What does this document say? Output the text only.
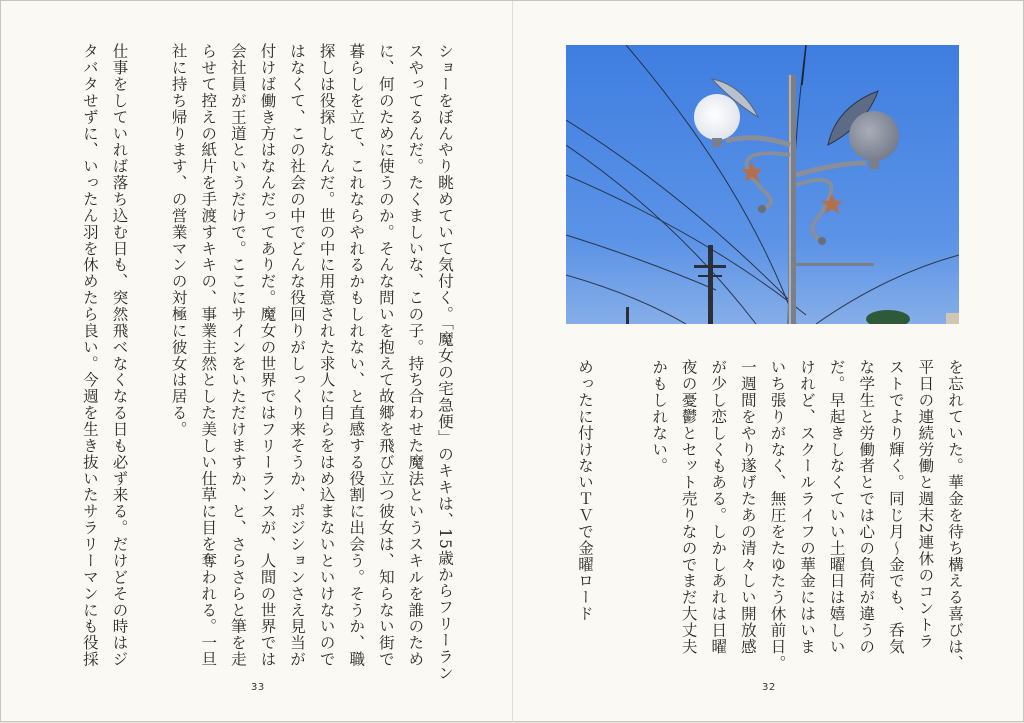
ショーをぼんやり眺めていて気付く。「魔女の宅急便」のキキは、15歳からフリーラン
スやってるんだ。たくましいな、この子。持ち合わせた魔法というスキルを誰のため
に、何のために使うのか。そんな問いを抱えて故郷を飛び立つ彼女は、知らない街で
暮らしを立て、これならやれるかもしれない、と直感する役割に出会う。そうか、職
探しは役探しなんだ。世の中に用意された求人に自らをはめ込まないといけないので
はなくて、この社会の中でどんな役回りがしっくり来そうか、ポジションさえ見当が
付けば働き方はなんだってありだ。魔女の世界ではフリーランスが、人間の世界では
会社員が王道というだけで。ここにサインをいただけますか、と、さらさらと筆を走
らせて控えの紙片を手渡すキキの、事業主然とした美しい仕草に目を奪われる。一旦
社に持ち帰ります、の営業マンの対極に彼女は居る。

仕事をしていれば落ち込む日も、突然飛べなくなる日も必ず来る。だけどその時はジ
タバタせずに、いったん羽を休めたら良い。今週を生き抜いたサラリーマンにも役採
33
を忘れていた。華金を待ち構える喜びは、
平日の連続労働と週末2連休のコントラ
ストでより輝く。同じ月～金でも、呑気
な学生と労働者とでは心の負荷が違うの
だ。早起きしなくていい土曜日は嬉しい
けれど、スクールライフの華金にはいま
いち張りがなく、無圧をたゆたう休前日。
一週間をやり遂げたあの清々しい開放感
が少し恋しくもある。しかしあれは日曜
夜の憂鬱とセット売りなのでまだ大丈夫
かもしれない。
めったに付けないＴＶで金曜ロード
32
